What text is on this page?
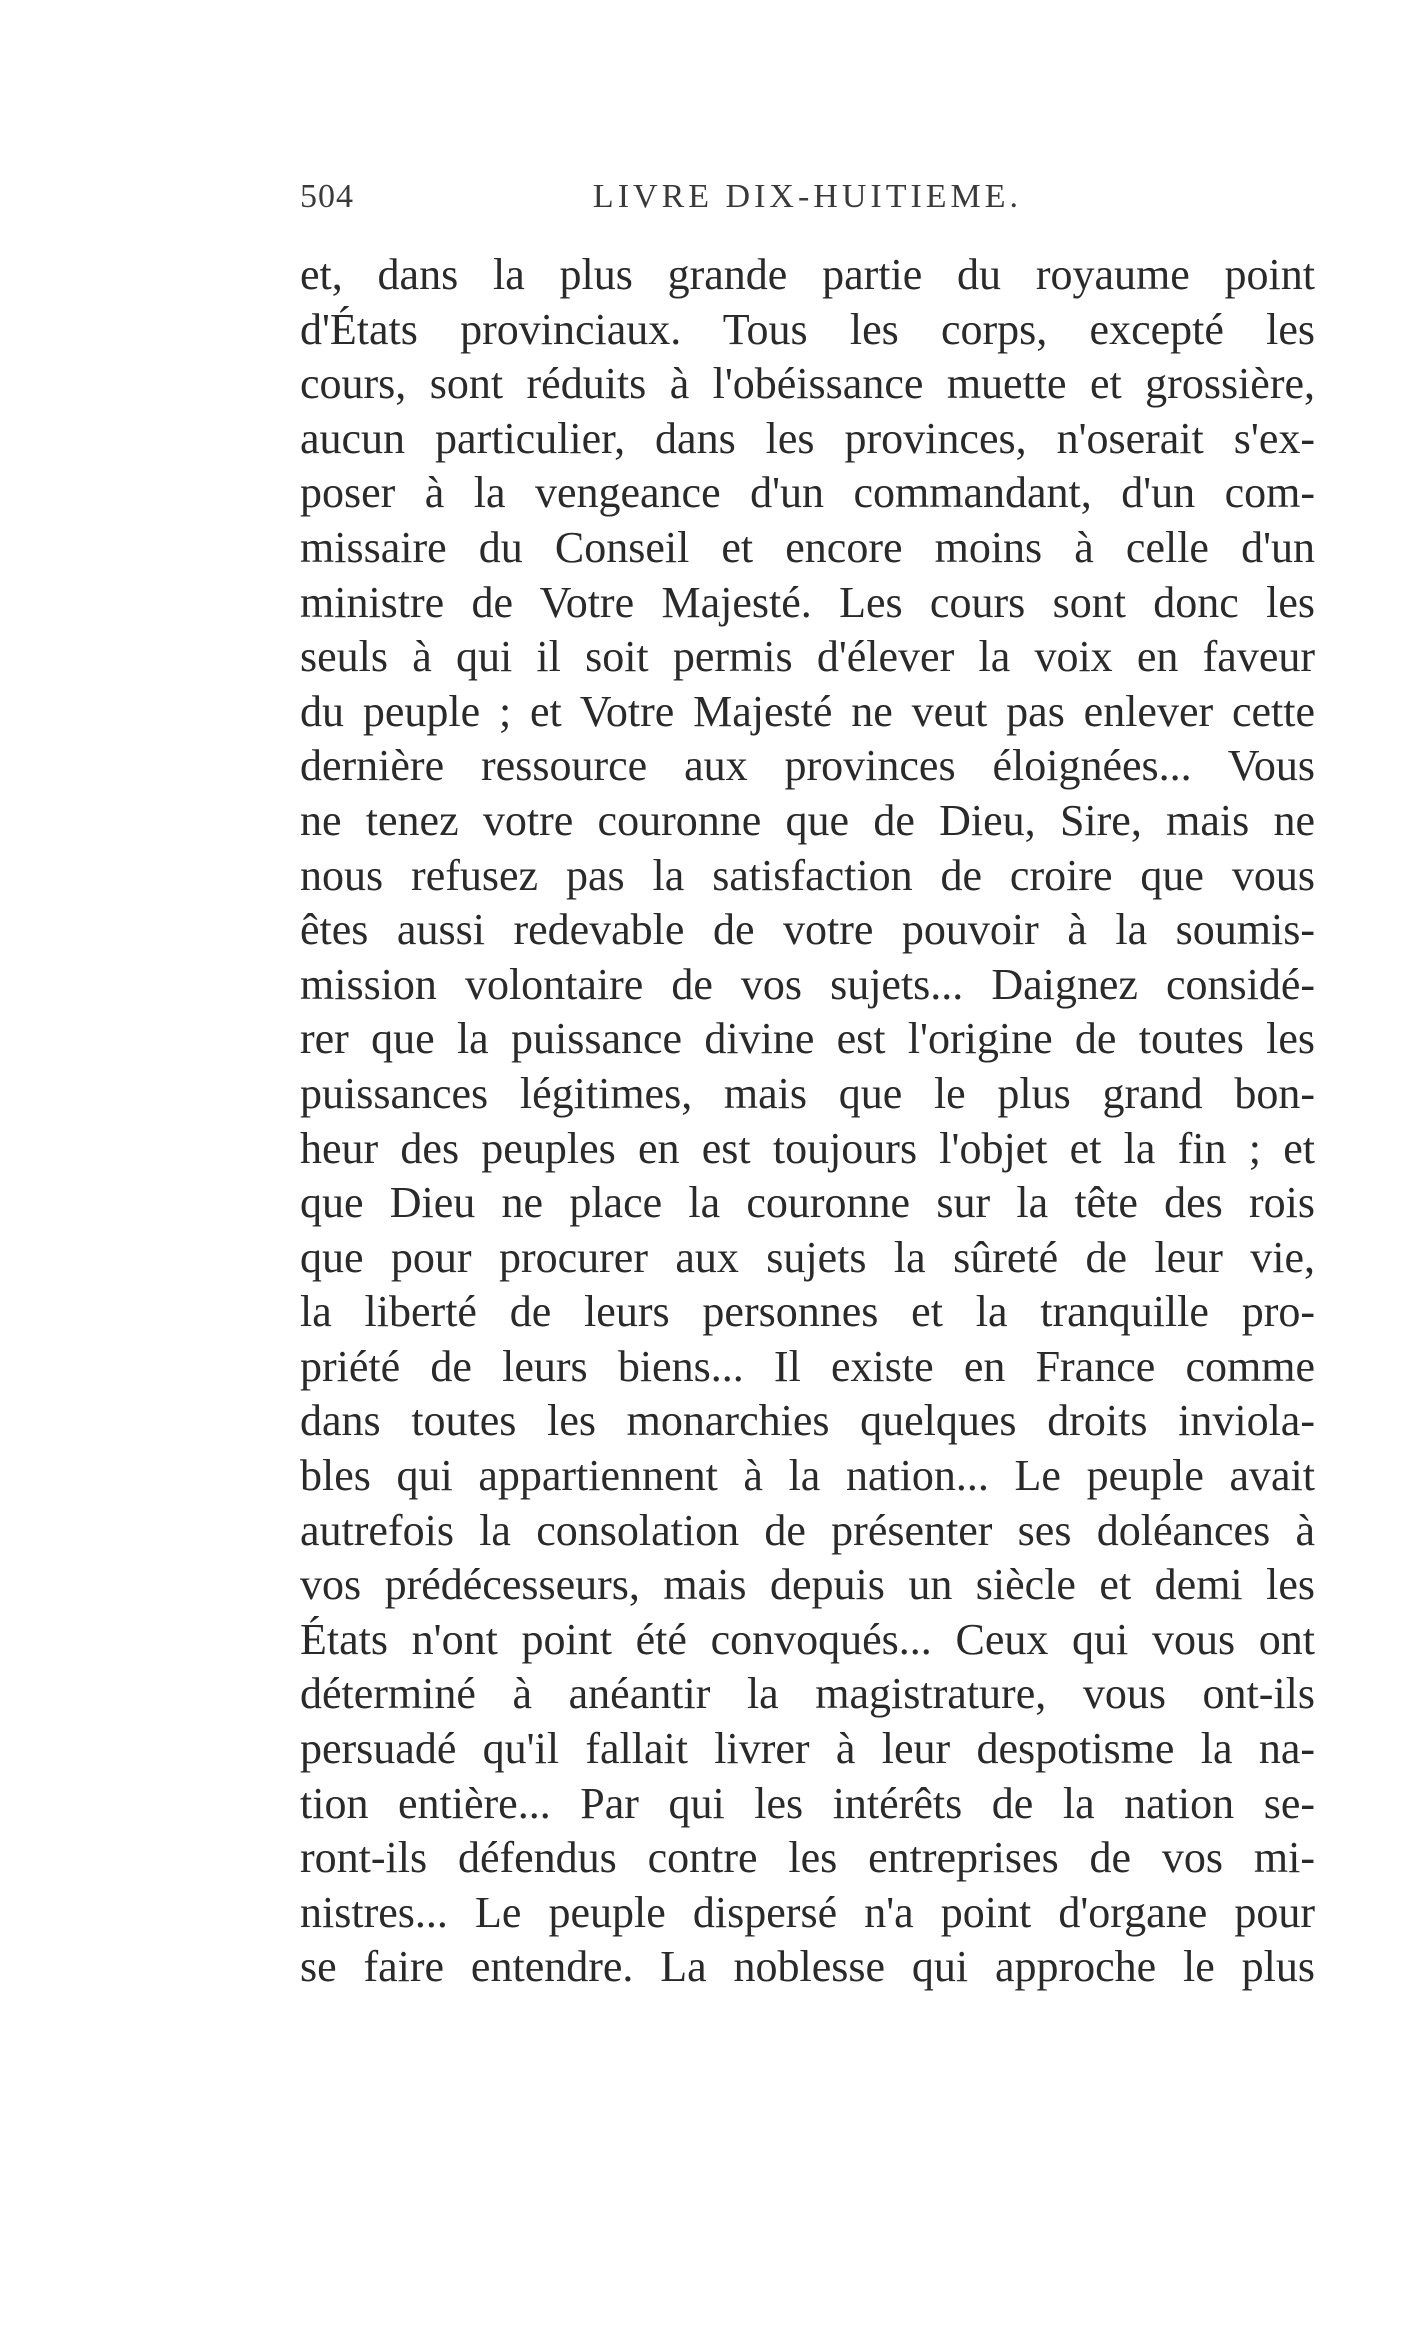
504	LIVRE DIX-HUITIEME.
et, dans la plus grande partie du royaume point
d'États provinciaux. Tous les corps, excepté les
cours, sont réduits à l'obéissance muette et grossière,
aucun particulier, dans les provinces, n'oserait s'ex-
poser à la vengeance d'un commandant, d'un com-
missaire du Conseil et encore moins à celle d'un
ministre de Votre Majesté. Les cours sont donc les
seuls à qui il soit permis d'élever la voix en faveur
du peuple ; et Votre Majesté ne veut pas enlever cette
dernière ressource aux provinces éloignées... Vous
ne tenez votre couronne que de Dieu, Sire, mais ne
nous refusez pas la satisfaction de croire que vous
êtes aussi redevable de votre pouvoir à la soumis-
mission volontaire de vos sujets... Daignez considé-
rer que la puissance divine est l'origine de toutes les
puissances légitimes, mais que le plus grand bon-
heur des peuples en est toujours l'objet et la fin ; et
que Dieu ne place la couronne sur la tête des rois
que pour procurer aux sujets la sûreté de leur vie,
la liberté de leurs personnes et la tranquille pro-
priété de leurs biens... Il existe en France comme
dans toutes les monarchies quelques droits inviola-
bles qui appartiennent à la nation... Le peuple avait
autrefois la consolation de présenter ses doléances à
vos prédécesseurs, mais depuis un siècle et demi les
États n'ont point été convoqués... Ceux qui vous ont
déterminé à anéantir la magistrature, vous ont-ils
persuadé qu'il fallait livrer à leur despotisme la na-
tion entière... Par qui les intérêts de la nation se-
ront-ils défendus contre les entreprises de vos mi-
nistres... Le peuple dispersé n'a point d'organe pour
se faire entendre. La noblesse qui approche le plus
